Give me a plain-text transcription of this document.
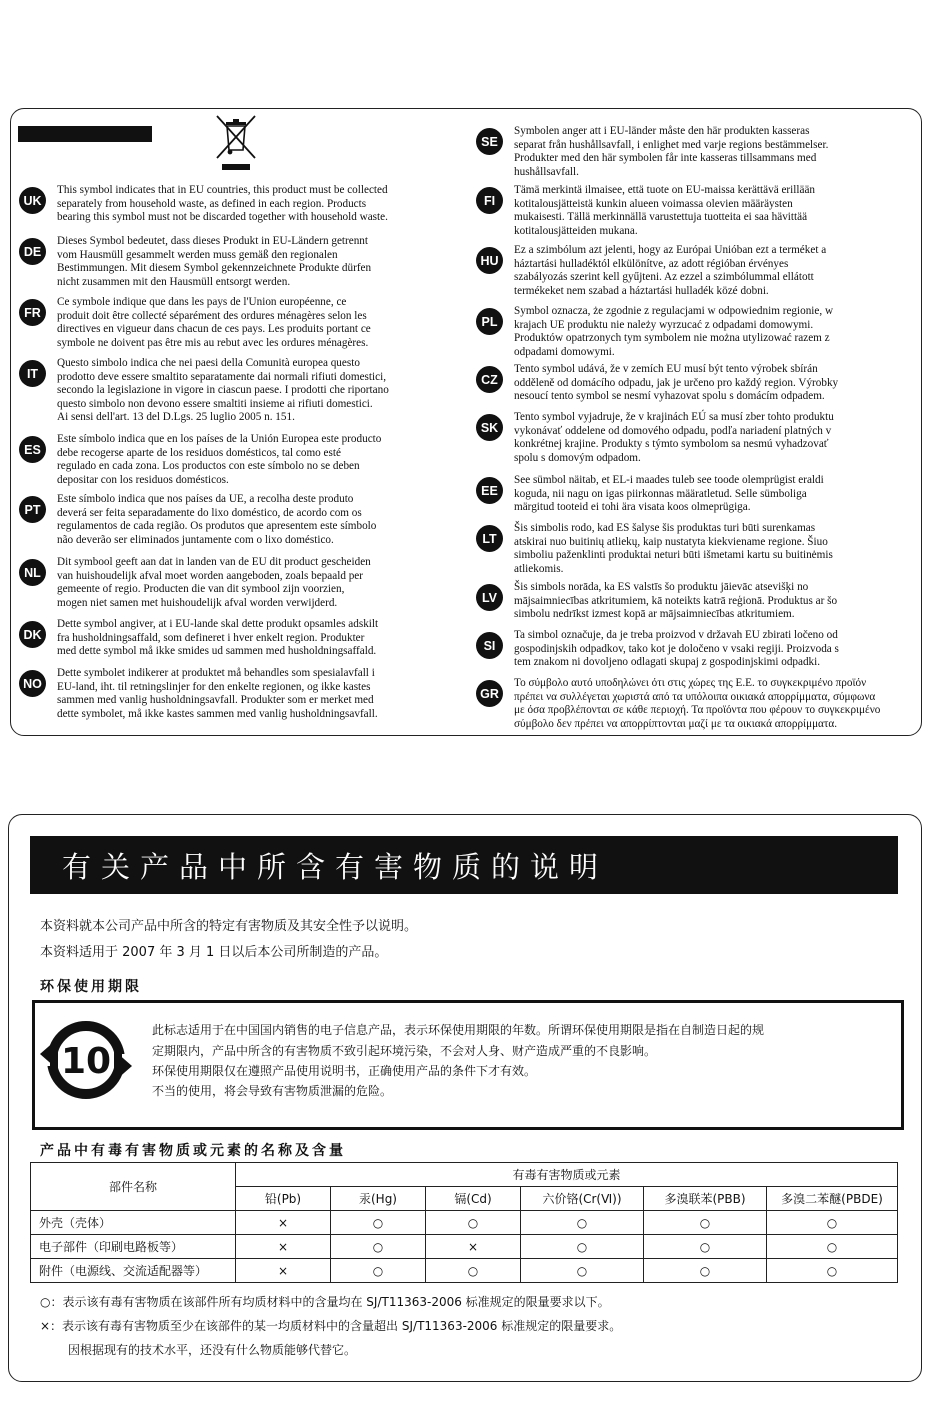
UK
This symbol indicates that in EU countries, this product must be collected
separately from household waste, as defined in each region. Products
bearing this symbol must not be discarded together with household waste.
DE
Dieses Symbol bedeutet, dass dieses Produkt in EU-Ländern getrennt
vom Hausmüll gesammelt werden muss gemäß den regionalen
Bestimmungen. Mit diesem Symbol gekennzeichnete Produkte dürfen
nicht zusammen mit den Hausmüll entsorgt werden.
FR
Ce symbole indique que dans les pays de l'Union européenne, ce
produit doit être collecté séparément des ordures ménagères selon les
directives en vigueur dans chacun de ces pays. Les produits portant ce
symbole ne doivent pas être mis au rebut avec les ordures ménagères.
IT
Questo simbolo indica che nei paesi della Comunità europea questo
prodotto deve essere smaltito separatamente dai normali rifiuti domestici,
secondo la legislazione in vigore in ciascun paese. I prodotti che riportano
questo simbolo non devono essere smaltiti insieme ai rifiuti domestici.
Ai sensi dell'art. 13 del D.Lgs. 25 luglio 2005 n. 151.
ES
Este símbolo indica que en los países de la Unión Europea este producto
debe recogerse aparte de los residuos domésticos, tal como esté
regulado en cada zona. Los productos con este símbolo no se deben
depositar con los residuos domésticos.
PT
Este símbolo indica que nos países da UE, a recolha deste produto
deverá ser feita separadamente do lixo doméstico, de acordo com os
regulamentos de cada região. Os produtos que apresentem este símbolo
não deverão ser eliminados juntamente com o lixo doméstico.
NL
Dit symbool geeft aan dat in landen van de EU dit product gescheiden
van huishoudelijk afval moet worden aangeboden, zoals bepaald per
gemeente of regio. Producten die van dit symbool zijn voorzien,
mogen niet samen met huishoudelijk afval worden verwijderd.
DK
Dette symbol angiver, at i EU-lande skal dette produkt opsamles adskilt
fra husholdningsaffald, som defineret i hver enkelt region. Produkter
med dette symbol må ikke smides ud sammen med husholdningsaffald.
NO
Dette symbolet indikerer at produktet må behandles som spesialavfall i
EU-land, iht. til retningslinjer for den enkelte regionen, og ikke kastes
sammen med vanlig husholdningsavfall. Produkter som er merket med
dette symbolet, må ikke kastes sammen med vanlig husholdningsavfall.
SE
Symbolen anger att i EU-länder måste den här produkten kasseras
separat från hushållsavfall, i enlighet med varje regions bestämmelser.
Produkter med den här symbolen får inte kasseras tillsammans med
hushållsavfall.
FI
Tämä merkintä ilmaisee, että tuote on EU-maissa kerättävä erillään
kotitalousjätteistä kunkin alueen voimassa olevien määräysten
mukaisesti. Tällä merkinnällä varustettuja tuotteita ei saa hävittää
kotitalousjätteiden mukana.
HU
Ez a szimbólum azt jelenti, hogy az Európai Unióban ezt a terméket a
háztartási hulladéktól elkülönítve, az adott régióban érvényes
szabályozás szerint kell gyűjteni. Az ezzel a szimbólummal ellátott
termékeket nem szabad a háztartási hulladék közé dobni.
PL
Symbol oznacza, że zgodnie z regulacjami w odpowiednim regionie, w
krajach UE produktu nie należy wyrzucać z odpadami domowymi.
Produktów opatrzonych tym symbolem nie można utylizować razem z
odpadami domowymi.
CZ
Tento symbol udává, že v zemích EU musí být tento výrobek sbírán
odděleně od domácího odpadu, jak je určeno pro každý region. Výrobky
nesoucí tento symbol se nesmí vyhazovat spolu s domácím odpadem.
SK
Tento symbol vyjadruje, že v krajinách EÚ sa musí zber tohto produktu
vykonávať oddelene od domového odpadu, podľa nariadení platných v
konkrétnej krajine. Produkty s týmto symbolom sa nesmú vyhadzovať
spolu s domovým odpadom.
EE
See sümbol näitab, et EL-i maades tuleb see toode olemprügist eraldi
koguda, nii nagu on igas piirkonnas määratletud. Selle sümboliga
märgitud tooteid ei tohi ära visata koos olmeprügiga.
LT
Šis simbolis rodo, kad ES šalyse šis produktas turi būti surenkamas
atskirai nuo buitinių atliekų, kaip nustatyta kiekviename regione. Šiuo
simboliu paženklinti produktai neturi būti išmetami kartu su buitinėmis
atliekomis.
LV
Šis simbols norāda, ka ES valstīs šo produktu jāievāc atsevišķi no
mājsaimniecības atkritumiem, kā noteikts katrā reģionā. Produktus ar šo
simbolu nedrīkst izmest kopā ar mājsaimniecības atkritumiem.
SI
Ta simbol označuje, da je treba proizvod v državah EU zbirati ločeno od
gospodinjskih odpadkov, tako kot je določeno v vsaki regiji. Proizvoda s
tem znakom ni dovoljeno odlagati skupaj z gospodinjskimi odpadki.
GR
Το σύμβολο αυτό υποδηλώνει ότι στις χώρες της Ε.Ε. το συγκεκριμένο προϊόν
πρέπει να συλλέγεται χωριστά από τα υπόλοιπα οικιακά απορρίμματα, σύμφωνα
με όσα προβλέπονται σε κάθε περιοχή. Τα προϊόντα που φέρουν το συγκεκριμένο
σύμβολο δεν πρέπει να απορρίπτονται μαζί με τα οικιακά απορρίμματα.
有关产品中所含有害物质的说明
本资料就本公司产品中所含的特定有害物质及其安全性予以说明。
本资料适用于 2007 年 3 月 1 日以后本公司所制造的产品。
环保使用期限
10
此标志适用于在中国国内销售的电子信息产品，表示环保使用期限的年数。所谓环保使用期限是指在自制造日起的规
定期限内，产品中所含的有害物质不致引起环境污染，不会对人身、财产造成严重的不良影响。
环保使用期限仅在遵照产品使用说明书，正确使用产品的条件下才有效。
不当的使用，将会导致有害物质泄漏的危险。
产品中有毒有害物质或元素的名称及含量
部件名称	有毒有害物质或元素					
	铅(Pb)	汞(Hg)	镉(Cd)	六价铬(Cr(Ⅵ))	多溴联苯(PBB)	多溴二苯醚(PBDE)
外壳（壳体）	×	○	○	○	○	○
电子部件（印刷电路板等）	×	○	×	○	○	○
附件（电源线、交流适配器等）	×	○	○	○	○	○
○：表示该有毒有害物质在该部件所有均质材料中的含量均在 SJ/T11363-2006 标准规定的限量要求以下。
×：表示该有毒有害物质至少在该部件的某一均质材料中的含量超出 SJ/T11363-2006 标准规定的限量要求。
因根据现有的技术水平，还没有什么物质能够代替它。
